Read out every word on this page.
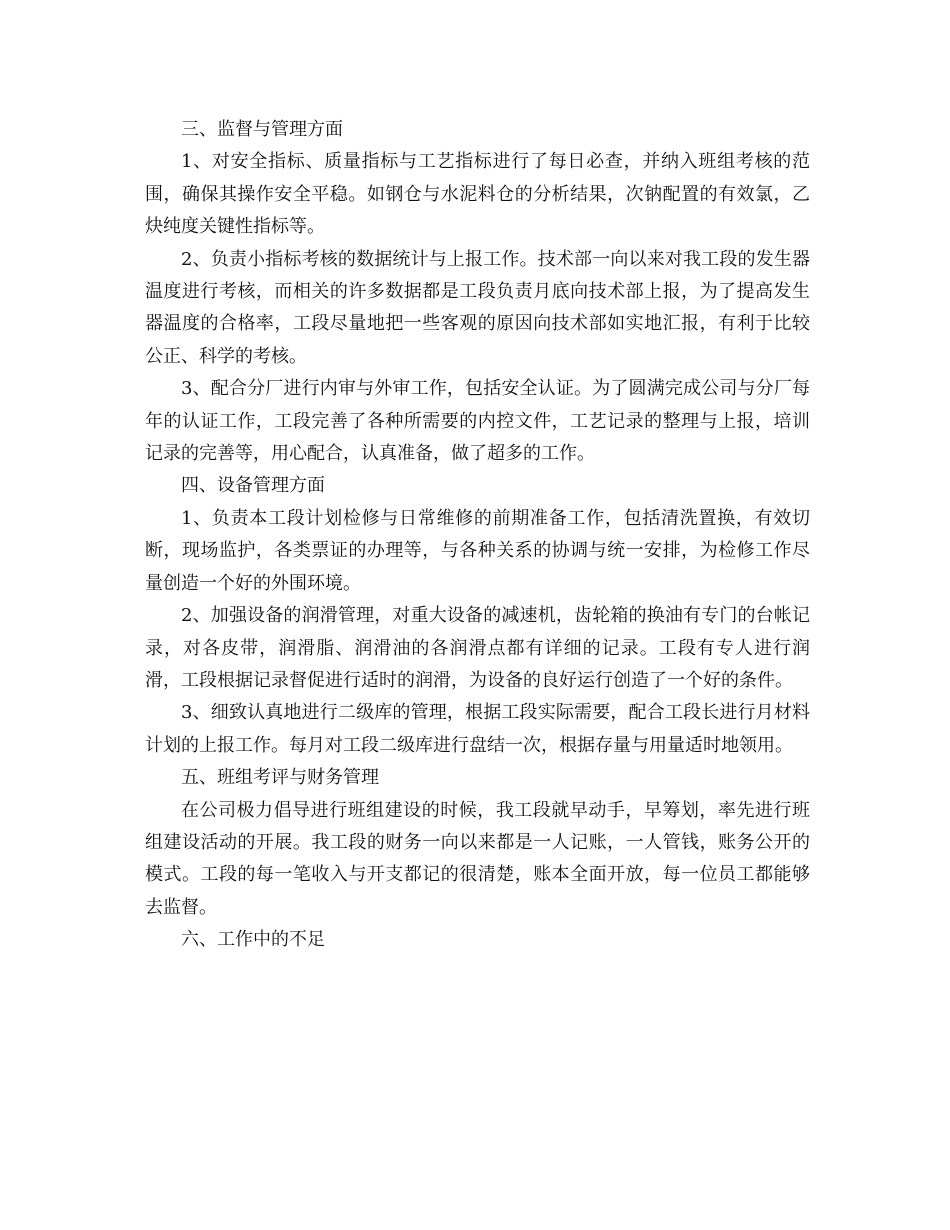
三、监督与管理方面

1、对安全指标、质量指标与工艺指标进行了每日必查，并纳入班组考核的范围，确保其操作安全平稳。如钢仓与水泥料仓的分析结果，次钠配置的有效氯，乙炔纯度关键性指标等。

2、负责小指标考核的数据统计与上报工作。技术部一向以来对我工段的发生器温度进行考核，而相关的许多数据都是工段负责月底向技术部上报，为了提高发生器温度的合格率，工段尽量地把一些客观的原因向技术部如实地汇报，有利于比较公正、科学的考核。

3、配合分厂进行内审与外审工作，包括安全认证。为了圆满完成公司与分厂每年的认证工作，工段完善了各种所需要的内控文件，工艺记录的整理与上报，培训记录的完善等，用心配合，认真准备，做了超多的工作。

四、设备管理方面

1、负责本工段计划检修与日常维修的前期准备工作，包括清洗置换，有效切断，现场监护，各类票证的办理等，与各种关系的协调与统一安排，为检修工作尽量创造一个好的外围环境。

2、加强设备的润滑管理，对重大设备的减速机，齿轮箱的换油有专门的台帐记录，对各皮带，润滑脂、润滑油的各润滑点都有详细的记录。工段有专人进行润滑，工段根据记录督促进行适时的润滑，为设备的良好运行创造了一个好的条件。

3、细致认真地进行二级库的管理，根据工段实际需要，配合工段长进行月材料计划的上报工作。每月对工段二级库进行盘结一次，根据存量与用量适时地领用。

五、班组考评与财务管理

在公司极力倡导进行班组建设的时候，我工段就早动手，早筹划，率先进行班组建设活动的开展。我工段的财务一向以来都是一人记账，一人管钱，账务公开的模式。工段的每一笔收入与开支都记的很清楚，账本全面开放，每一位员工都能够去监督。

六、工作中的不足
